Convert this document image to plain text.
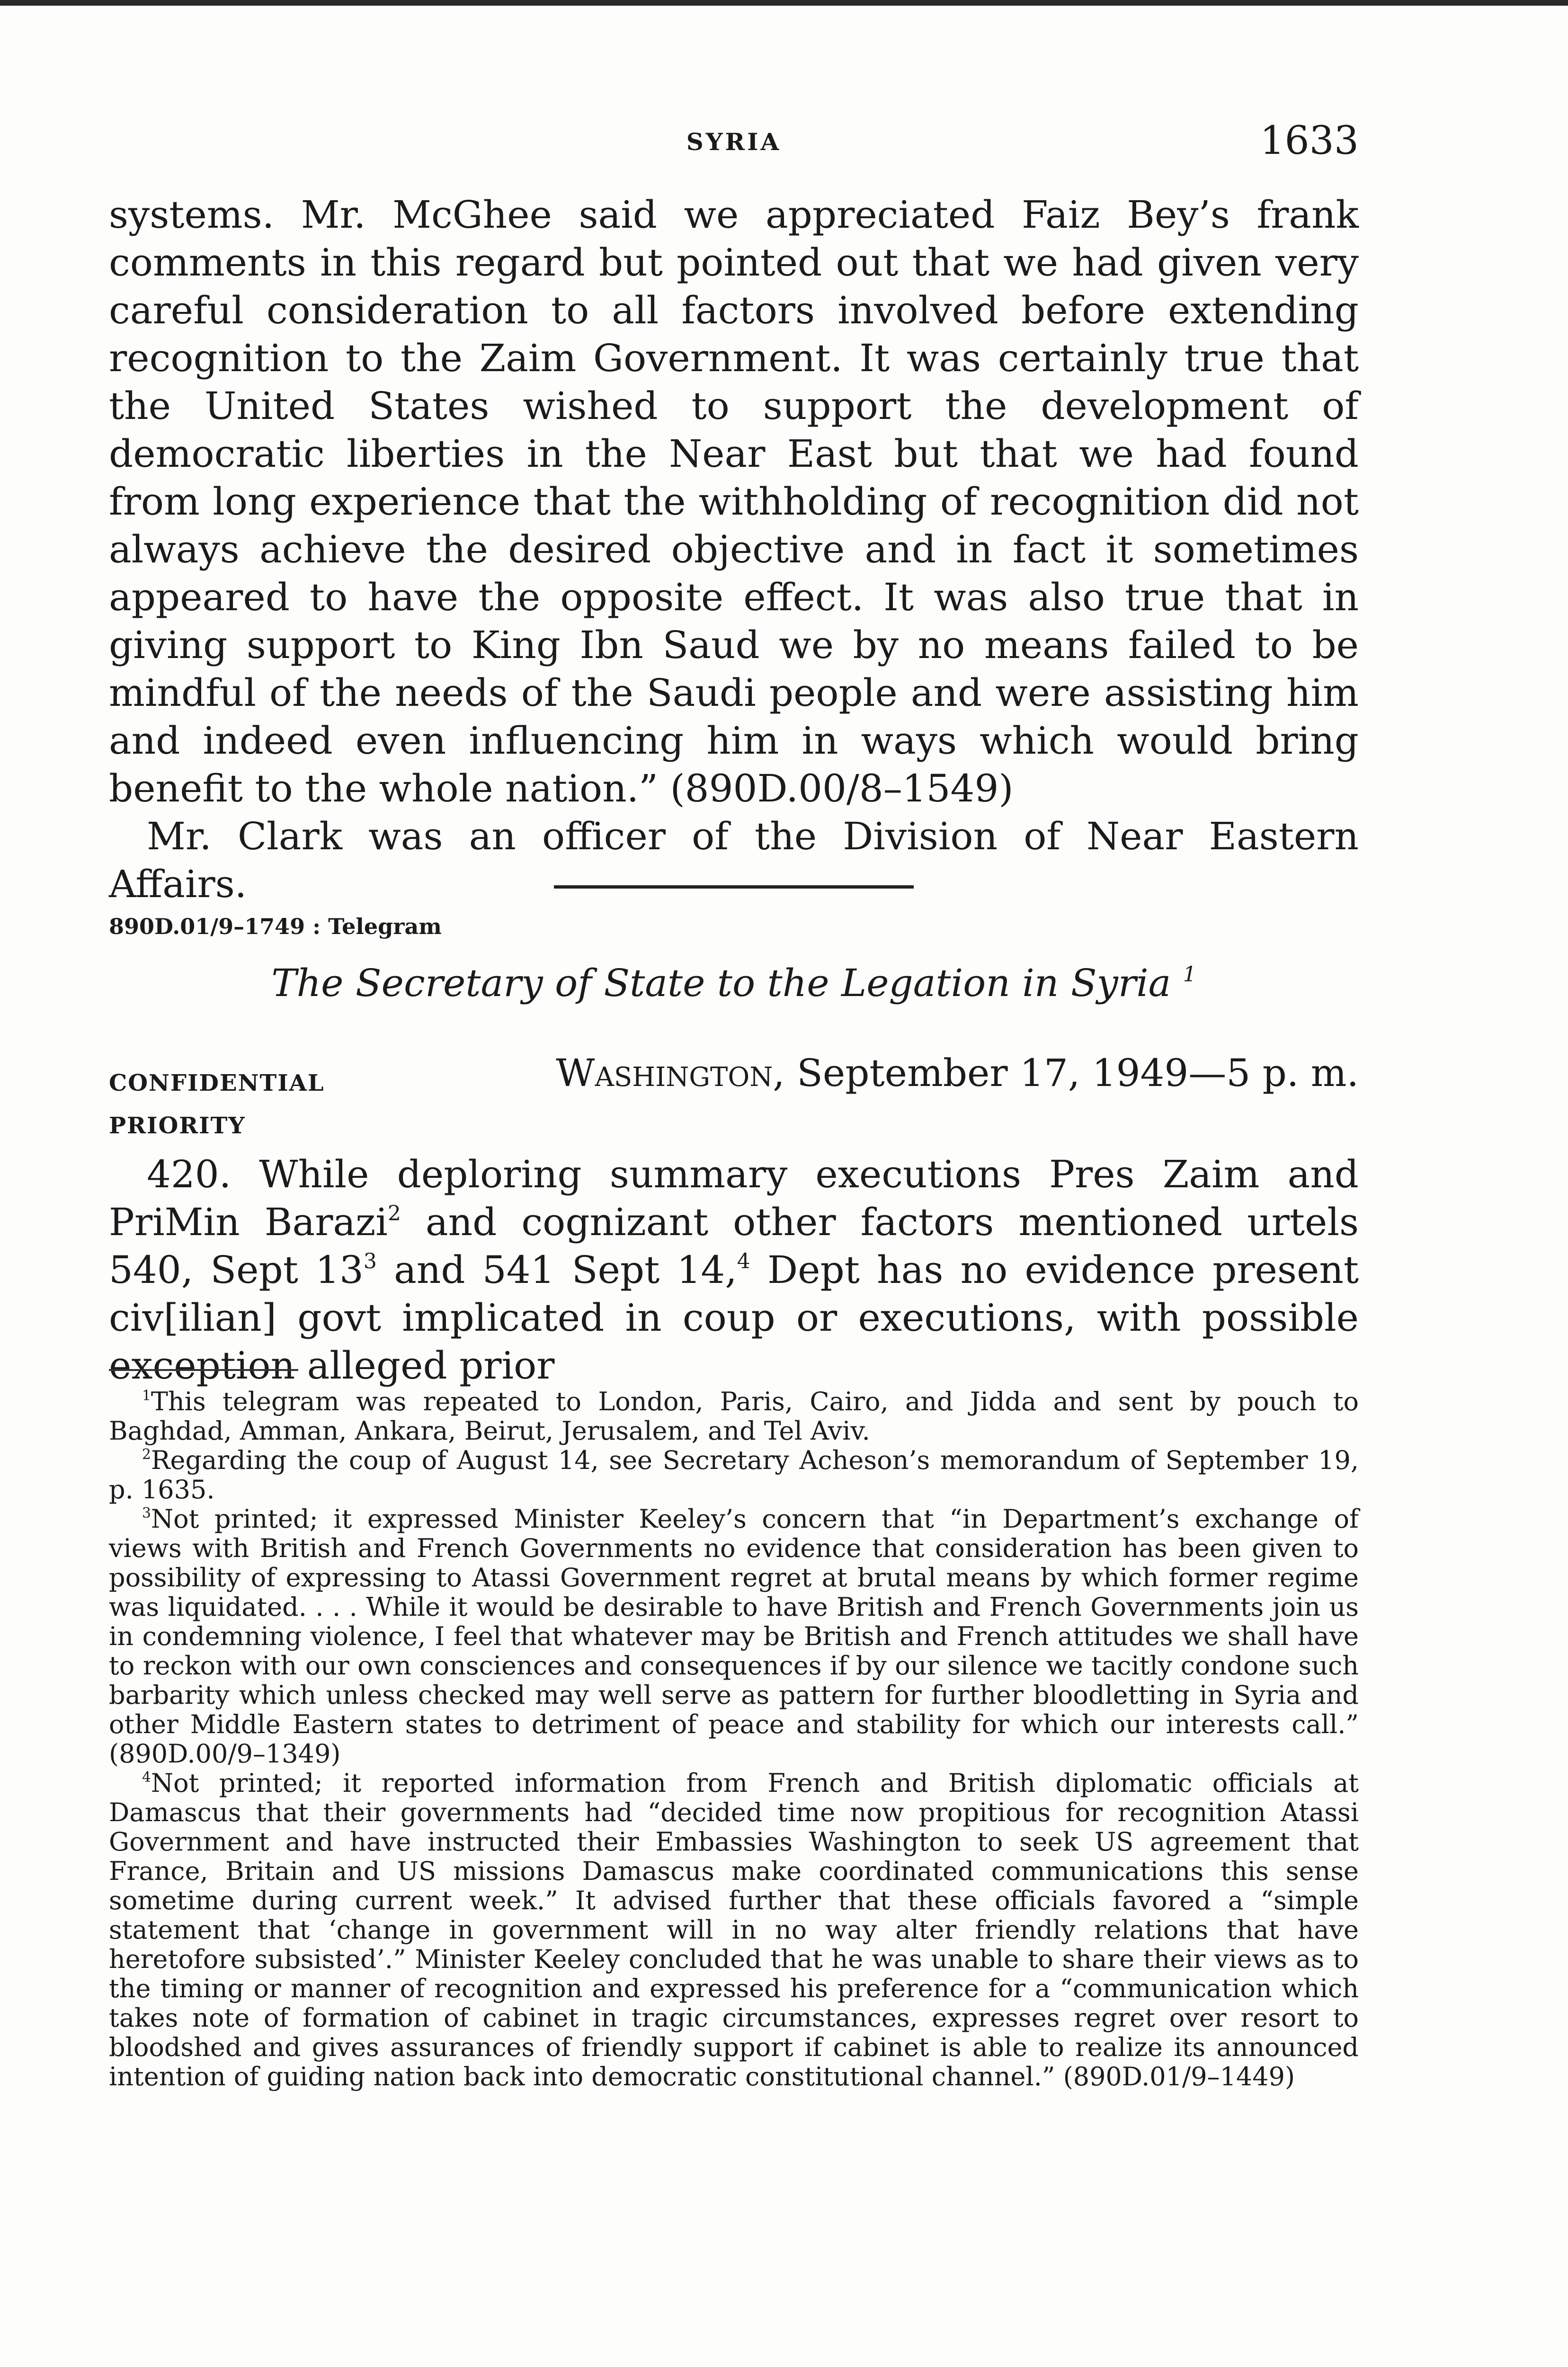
SYRIA	1633

systems. Mr. McGhee said we appreciated Faiz Bey’s frank comments in this regard but pointed out that we had given very careful consideration to all factors involved before extending recognition to the Zaim Government. It was certainly true that the United States wished to support the development of democratic liberties in the Near East but that we had found from long experience that the withholding of recognition did not always achieve the desired objective and in fact it sometimes appeared to have the opposite effect. It was also true that in giving support to King Ibn Saud we by no means failed to be mindful of the needs of the Saudi people and were assisting him and indeed even influencing him in ways which would bring benefit to the whole nation.” (890D.00/8–1549)

Mr. Clark was an officer of the Division of Near Eastern Affairs.

890D.01/9–1749 : Telegram
The Secretary of State to the Legation in Syria $^1$
CONFIDENTIAL	Washington, September 17, 1949—5 p. m.
PRIORITY

420. While deploring summary executions Pres Zaim and PriMin Barazi$^2$ and cognizant other factors mentioned urtels 540, Sept $13^3$ and 541 Sept 14,$^4$ Dept has no evidence present civ[ilian] govt implicated in coup or executions, with possible exception alleged prior

$^1$This telegram was repeated to London, Paris, Cairo, and Jidda and sent by pouch to Baghdad, Amman, Ankara, Beirut, Jerusalem, and Tel Aviv.

$^2$Regarding the coup of August 14, see Secretary Acheson’s memorandum of September 19, p. 1635.

$^3$Not printed; it expressed Minister Keeley’s concern that “in Department’s exchange of views with British and French Governments no evidence that consideration has been given to possibility of expressing to Atassi Government regret at brutal means by which former regime was liquidated. . . . While it would be desirable to have British and French Governments join us in condemning violence, I feel that whatever may be British and French attitudes we shall have to reckon with our own consciences and consequences if by our silence we tacitly condone such barbarity which unless checked may well serve as pattern for further bloodletting in Syria and other Middle Eastern states to detriment of peace and stability for which our interests call.” (890D.00/9–1349)

$^4$Not printed; it reported information from French and British diplomatic officials at Damascus that their governments had “decided time now propitious for recognition Atassi Government and have instructed their Embassies Washington to seek US agreement that France, Britain and US missions Damascus make coordinated communications this sense sometime during current week.” It advised further that these officials favored a “simple statement that ‘change in government will in no way alter friendly relations that have heretofore subsisted’.” Minister Keeley concluded that he was unable to share their views as to the timing or manner of recognition and expressed his preference for a “communication which takes note of formation of cabinet in tragic circumstances, expresses regret over resort to bloodshed and gives assurances of friendly support if cabinet is able to realize its announced intention of guiding nation back into democratic constitutional channel.” (890D.01/9–1449)
